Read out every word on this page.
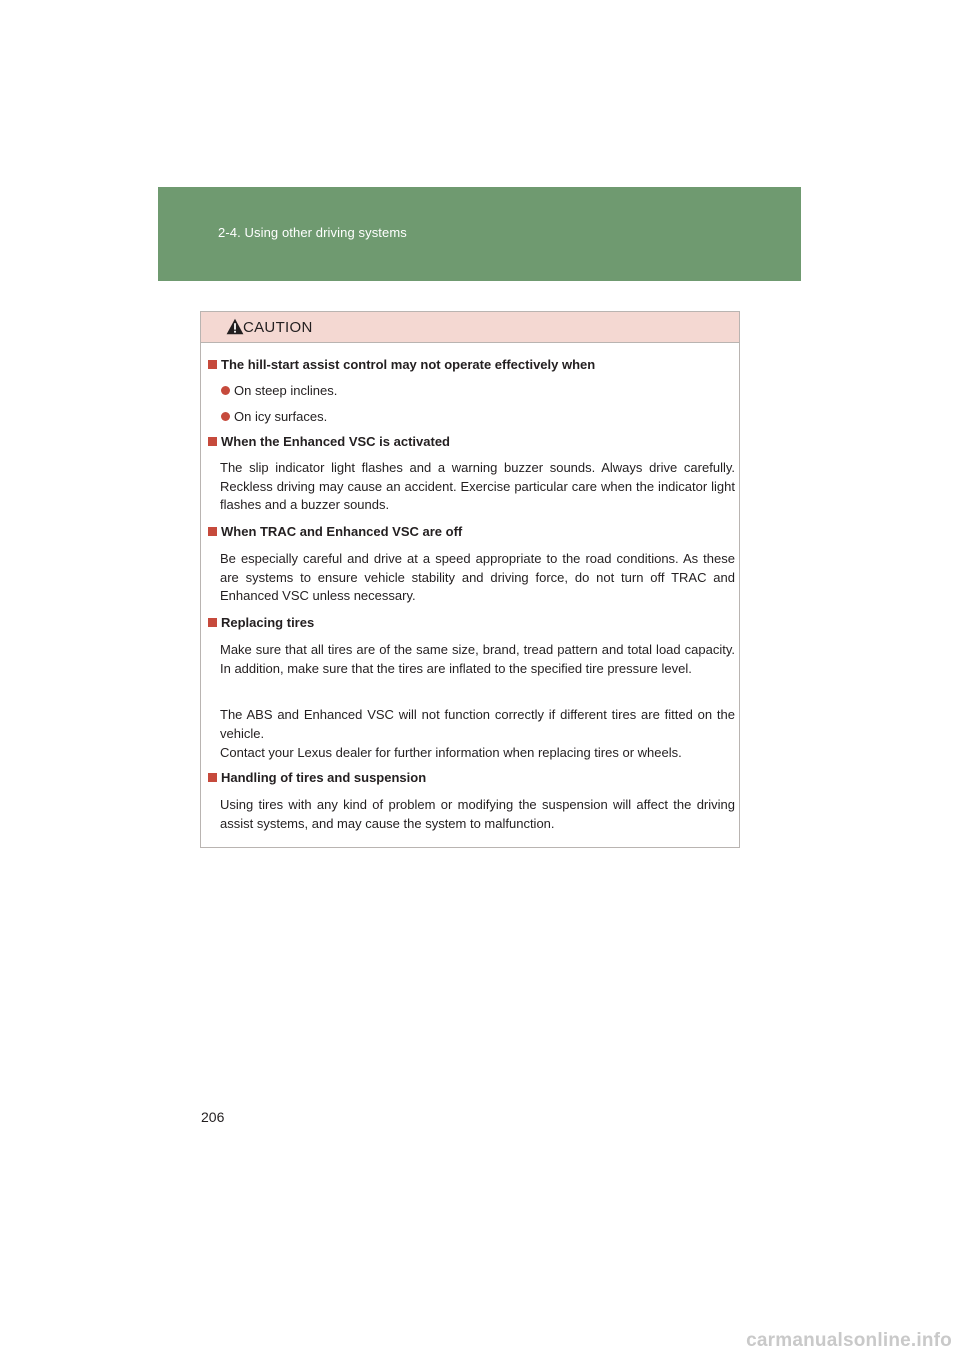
2-4. Using other driving systems
CAUTION
The hill-start assist control may not operate effectively when
On steep inclines.
On icy surfaces.
When the Enhanced VSC is activated
The slip indicator light flashes and a warning buzzer sounds. Always drive carefully. Reckless driving may cause an accident. Exercise particular care when the indicator light flashes and a buzzer sounds.
When TRAC and Enhanced VSC are off
Be especially careful and drive at a speed appropriate to the road conditions. As these are systems to ensure vehicle stability and driving force, do not turn off TRAC and Enhanced VSC unless necessary.
Replacing tires
Make sure that all tires are of the same size, brand, tread pattern and total load capacity. In addition, make sure that the tires are inflated to the specified tire pressure level.
The ABS and Enhanced VSC will not function correctly if different tires are fitted on the vehicle.
Contact your Lexus dealer for further information when replacing tires or wheels.
Handling of tires and suspension
Using tires with any kind of problem or modifying the suspension will affect the driving assist systems, and may cause the system to malfunction.
206
carmanualsonline.info
